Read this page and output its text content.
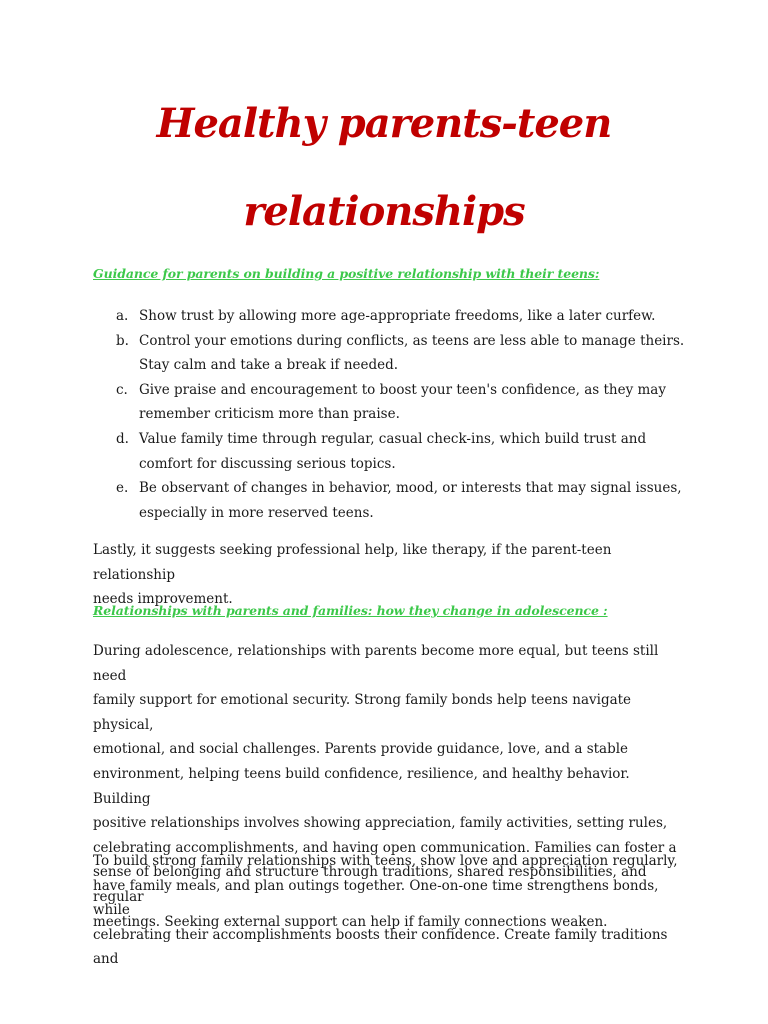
Healthy parents-teen
relationships

Guidance for parents on building a positive relationship with their teens:

a. Show trust by allowing more age-appropriate freedoms, like a later curfew.
b. Control your emotions during conflicts, as teens are less able to manage theirs.
Stay calm and take a break if needed.
c. Give praise and encouragement to boost your teen's confidence, as they may
remember criticism more than praise.
d. Value family time through regular, casual check-ins, which build trust and
comfort for discussing serious topics.
e. Be observant of changes in behavior, mood, or interests that may signal issues,
especially in more reserved teens.
Lastly, it suggests seeking professional help, like therapy, if the parent-teen relationship
needs improvement.

Relationships with parents and families: how they change in adolescence :

During adolescence, relationships with parents become more equal, but teens still need
family support for emotional security. Strong family bonds help teens navigate physical,
emotional, and social challenges. Parents provide guidance, love, and a stable
environment, helping teens build confidence, resilience, and healthy behavior. Building
positive relationships involves showing appreciation, family activities, setting rules,
celebrating accomplishments, and having open communication. Families can foster a
sense of belonging and structure through traditions, shared responsibilities, and regular
meetings. Seeking external support can help if family connections weaken.
To build strong family relationships with teens, show love and appreciation regularly,
have family meals, and plan outings together. One-on-one time strengthens bonds, while
celebrating their accomplishments boosts their confidence. Create family traditions and
